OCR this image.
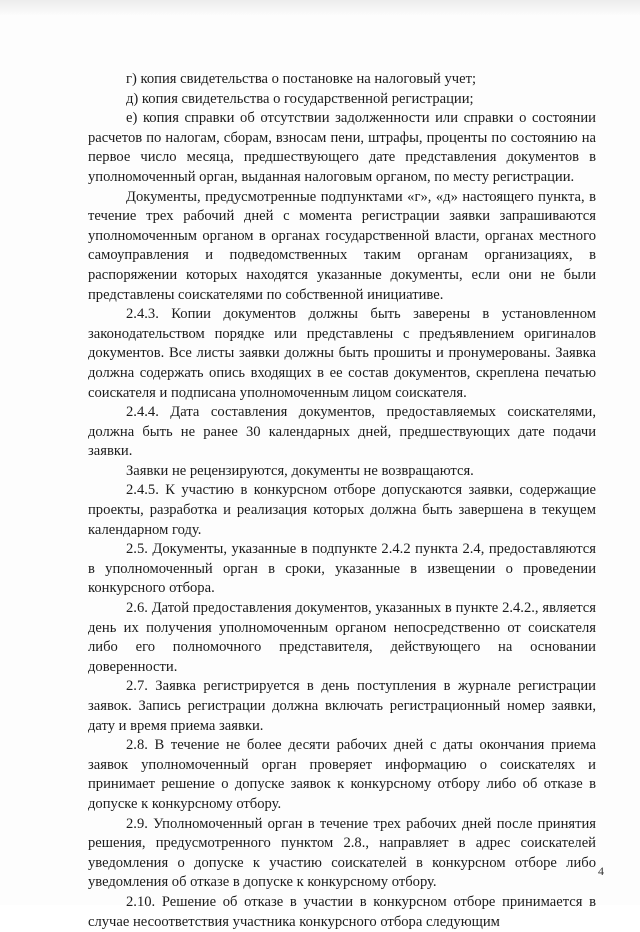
г) копия свидетельства о постановке на налоговый учет;

д) копия свидетельства о государственной регистрации;

е) копия справки об отсутствии задолженности или справки о состоянии расчетов по налогам, сборам, взносам пени, штрафы, проценты по состоянию на первое число месяца, предшествующего дате представления документов в уполномоченный орган, выданная налоговым органом, по месту регистрации.

Документы, предусмотренные подпунктами «г», «д» настоящего пункта, в течение трех рабочий дней с момента регистрации заявки запрашиваются уполномоченным органом в органах государственной власти, органах местного самоуправления и подведомственных таким органам организациях, в распоряжении которых находятся указанные документы, если они не были представлены соискателями по собственной инициативе.

2.4.3. Копии документов должны быть заверены в установленном законодательством порядке или представлены с предъявлением оригиналов документов. Все листы заявки должны быть прошиты и пронумерованы. Заявка должна содержать опись входящих в ее состав документов, скреплена печатью соискателя и подписана уполномоченным лицом соискателя.

2.4.4. Дата составления документов, предоставляемых соискателями, должна быть не ранее 30 календарных дней, предшествующих дате подачи заявки.

Заявки не рецензируются, документы не возвращаются.

2.4.5. К участию в конкурсном отборе допускаются заявки, содержащие проекты, разработка и реализация которых должна быть завершена в текущем календарном году.

2.5. Документы, указанные в подпункте 2.4.2 пункта 2.4, предоставляются в уполномоченный орган в сроки, указанные в извещении о проведении конкурсного отбора.

2.6. Датой предоставления документов, указанных в пункте 2.4.2., является день их получения уполномоченным органом непосредственно от соискателя либо его полномочного представителя, действующего на основании доверенности.

2.7. Заявка регистрируется в день поступления в журнале регистрации заявок. Запись регистрации должна включать регистрационный номер заявки, дату и время приема заявки.

2.8. В течение не более десяти рабочих дней с даты окончания приема заявок уполномоченный орган проверяет информацию о соискателях и принимает решение о допуске заявок к конкурсному отбору либо об отказе в допуске к конкурсному отбору.

2.9. Уполномоченный орган в течение трех рабочих дней после принятия решения, предусмотренного пунктом 2.8., направляет в адрес соискателей уведомления о допуске к участию соискателей в конкурсном отборе либо уведомления об отказе в допуске к конкурсному отбору.

2.10. Решение об отказе в участии в конкурсном отборе принимается в случае несоответствия участника конкурсного отбора следующим

4
